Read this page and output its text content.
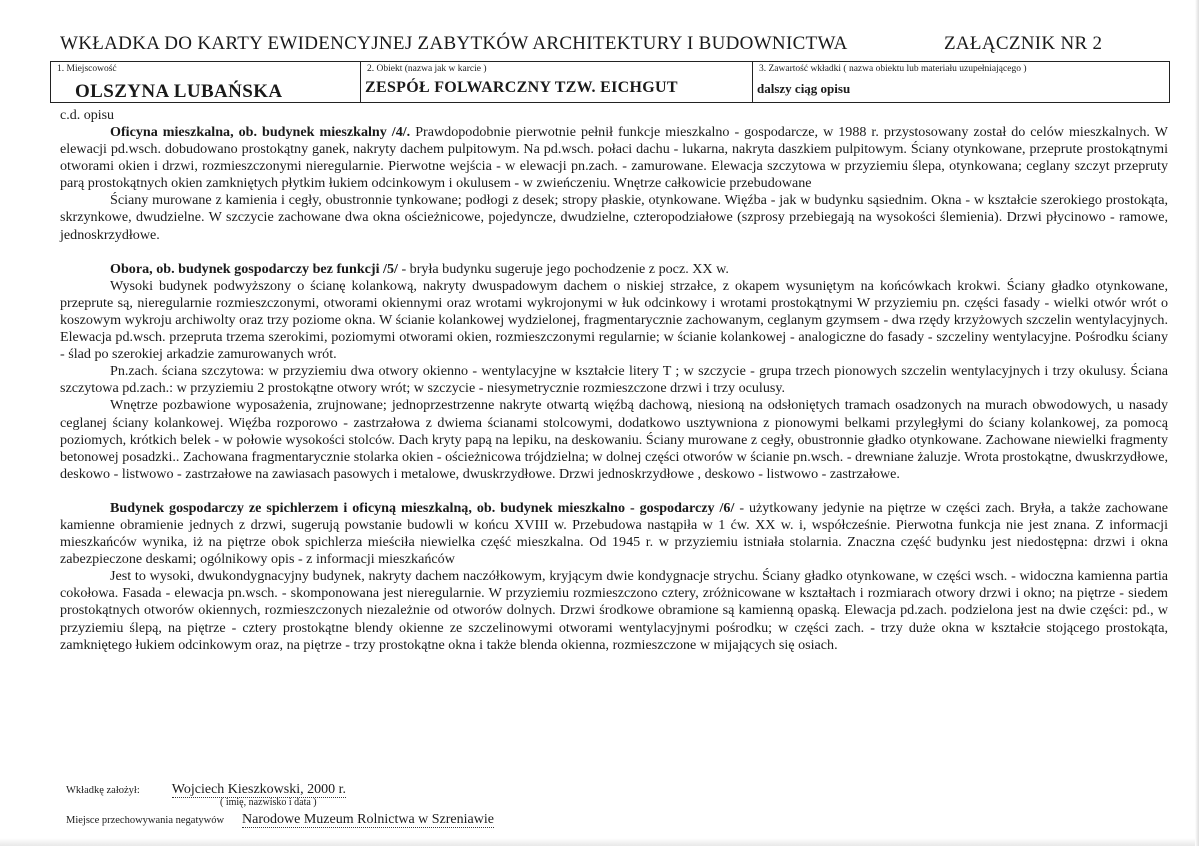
WKŁADKA DO KARTY EWIDENCYJNEJ ZABYTKÓW ARCHITEKTURY I BUDOWNICTWA	ZAŁĄCZNIK NR 2
1. Miejscowość
OLSZYNA LUBAŃSKA
2. Obiekt (nazwa jak w karcie )
ZESPÓŁ FOLWARCZNY TZW. EICHGUT
3. Zawartość wkładki ( nazwa obiektu lub materiału uzupełniającego )
dalszy ciąg opisu
c.d. opisu

Oficyna mieszkalna, ob. budynek mieszkalny /4/. Prawdopodobnie pierwotnie pełnił funkcje mieszkalno - gospodarcze, w 1988 r. przystosowany został do celów mieszkalnych. W elewacji pd.wsch. dobudowano prostokątny ganek, nakryty dachem pulpitowym. Na pd.wsch. połaci dachu - lukarna, nakryta daszkiem pulpitowym. Ściany otynkowane, przeprute prostokątnymi otworami okien i drzwi, rozmieszczonymi nieregularnie. Pierwotne wejścia - w elewacji pn.zach. - zamurowane. Elewacja szczytowa w przyziemiu ślepa, otynkowana; ceglany szczyt przepruty parą prostokątnych okien zamkniętych płytkim łukiem odcinkowym i okulusem - w zwieńczeniu. Wnętrze całkowicie przebudowane

Ściany murowane z kamienia i cegły, obustronnie tynkowane; podłogi z desek; stropy płaskie, otynkowane. Więźba - jak w budynku sąsiednim. Okna - w kształcie szerokiego prostokąta, skrzynkowe, dwudzielne. W szczycie zachowane dwa okna ościeżnicowe, pojedyncze, dwudzielne, czteropodziałowe (szprosy przebiegają na wysokości ślemienia). Drzwi płycinowo - ramowe, jednoskrzydłowe.

Obora, ob. budynek gospodarczy bez funkcji /5/ - bryła budynku sugeruje jego pochodzenie z pocz. XX w.

Wysoki budynek podwyższony o ścianę kolankową, nakryty dwuspadowym dachem o niskiej strzałce, z okapem wysuniętym na końcówkach krokwi. Ściany gładko otynkowane, przeprute są, nieregularnie rozmieszczonymi, otworami okiennymi oraz wrotami wykrojonymi w łuk odcinkowy i wrotami prostokątnymi W przyziemiu pn. części fasady - wielki otwór wrót o koszowym wykroju archiwolty oraz trzy poziome okna. W ścianie kolankowej wydzielonej, fragmentarycznie zachowanym, ceglanym gzymsem - dwa rzędy krzyżowych szczelin wentylacyjnych. Elewacja pd.wsch. przepruta trzema szerokimi, poziomymi otworami okien, rozmieszczonymi regularnie; w ścianie kolankowej - analogiczne do fasady - szczeliny wentylacyjne. Pośrodku ściany - ślad po szerokiej arkadzie zamurowanych wrót.

Pn.zach. ściana szczytowa: w przyziemiu dwa otwory okienno - wentylacyjne w kształcie litery T ; w szczycie - grupa trzech pionowych szczelin wentylacyjnych i trzy okulusy. Ściana szczytowa pd.zach.: w przyziemiu 2 prostokątne otwory wrót; w szczycie - niesymetrycznie rozmieszczone drzwi i trzy oculusy.

Wnętrze pozbawione wyposażenia, zrujnowane; jednoprzestrzenne nakryte otwartą więźbą dachową, niesioną na odsłoniętych tramach osadzonych na murach obwodowych, u nasady ceglanej ściany kolankowej. Więźba rozporowo - zastrzałowa z dwiema ścianami stolcowymi, dodatkowo usztywniona z pionowymi belkami przyległymi do ściany kolankowej, za pomocą poziomych, krótkich belek - w połowie wysokości stolców. Dach kryty papą na lepiku, na deskowaniu. Ściany murowane z cegły, obustronnie gładko otynkowane. Zachowane niewielki fragmenty betonowej posadzki.. Zachowana fragmentarycznie stolarka okien - ościeżnicowa trójdzielna; w dolnej części otworów w ścianie pn.wsch. - drewniane żaluzje. Wrota prostokątne, dwuskrzydłowe, deskowo - listwowo - zastrzałowe na zawiasach pasowych i metalowe, dwuskrzydłowe. Drzwi jednoskrzydłowe , deskowo - listwowo - zastrzałowe.

Budynek gospodarczy ze spichlerzem i oficyną mieszkalną, ob. budynek mieszkalno - gospodarczy /6/ - użytkowany jedynie na piętrze w części zach. Bryła, a także zachowane kamienne obramienie jednych z drzwi, sugerują powstanie budowli w końcu XVIII w. Przebudowa nastąpiła w 1 ćw. XX w. i, współcześnie. Pierwotna funkcja nie jest znana. Z informacji mieszkańców wynika, iż na piętrze obok spichlerza mieściła niewielka część mieszkalna. Od 1945 r. w przyziemiu istniała stolarnia. Znaczna część budynku jest niedostępna: drzwi i okna zabezpieczone deskami; ogólnikowy opis - z informacji mieszkańców

Jest to wysoki, dwukondygnacyjny budynek, nakryty dachem naczółkowym, kryjącym dwie kondygnacje strychu. Ściany gładko otynkowane, w części wsch. - widoczna kamienna partia cokołowa. Fasada - elewacja pn.wsch. - skomponowana jest nieregularnie. W przyziemiu rozmieszczono cztery, zróżnicowane w kształtach i rozmiarach otwory drzwi i okno; na piętrze - siedem prostokątnych otworów okiennych, rozmieszczonych niezależnie od otworów dolnych. Drzwi środkowe obramione są kamienną opaską. Elewacja pd.zach. podzielona jest na dwie części: pd., w przyziemiu ślepą, na piętrze - cztery prostokątne blendy okienne ze szczelinowymi otworami wentylacyjnymi pośrodku; w części zach. - trzy duże okna w kształcie stojącego prostokąta, zamkniętego łukiem odcinkowym oraz, na piętrze - trzy prostokątne okna i także blenda okienna, rozmieszczone w mijających się osiach.

Wkładkę założył: Wojciech Kieszkowski, 2000 r.
( imię, nazwisko i data )
Miejsce przechowywania negatywów Narodowe Muzeum Rolnictwa w Szreniawie
